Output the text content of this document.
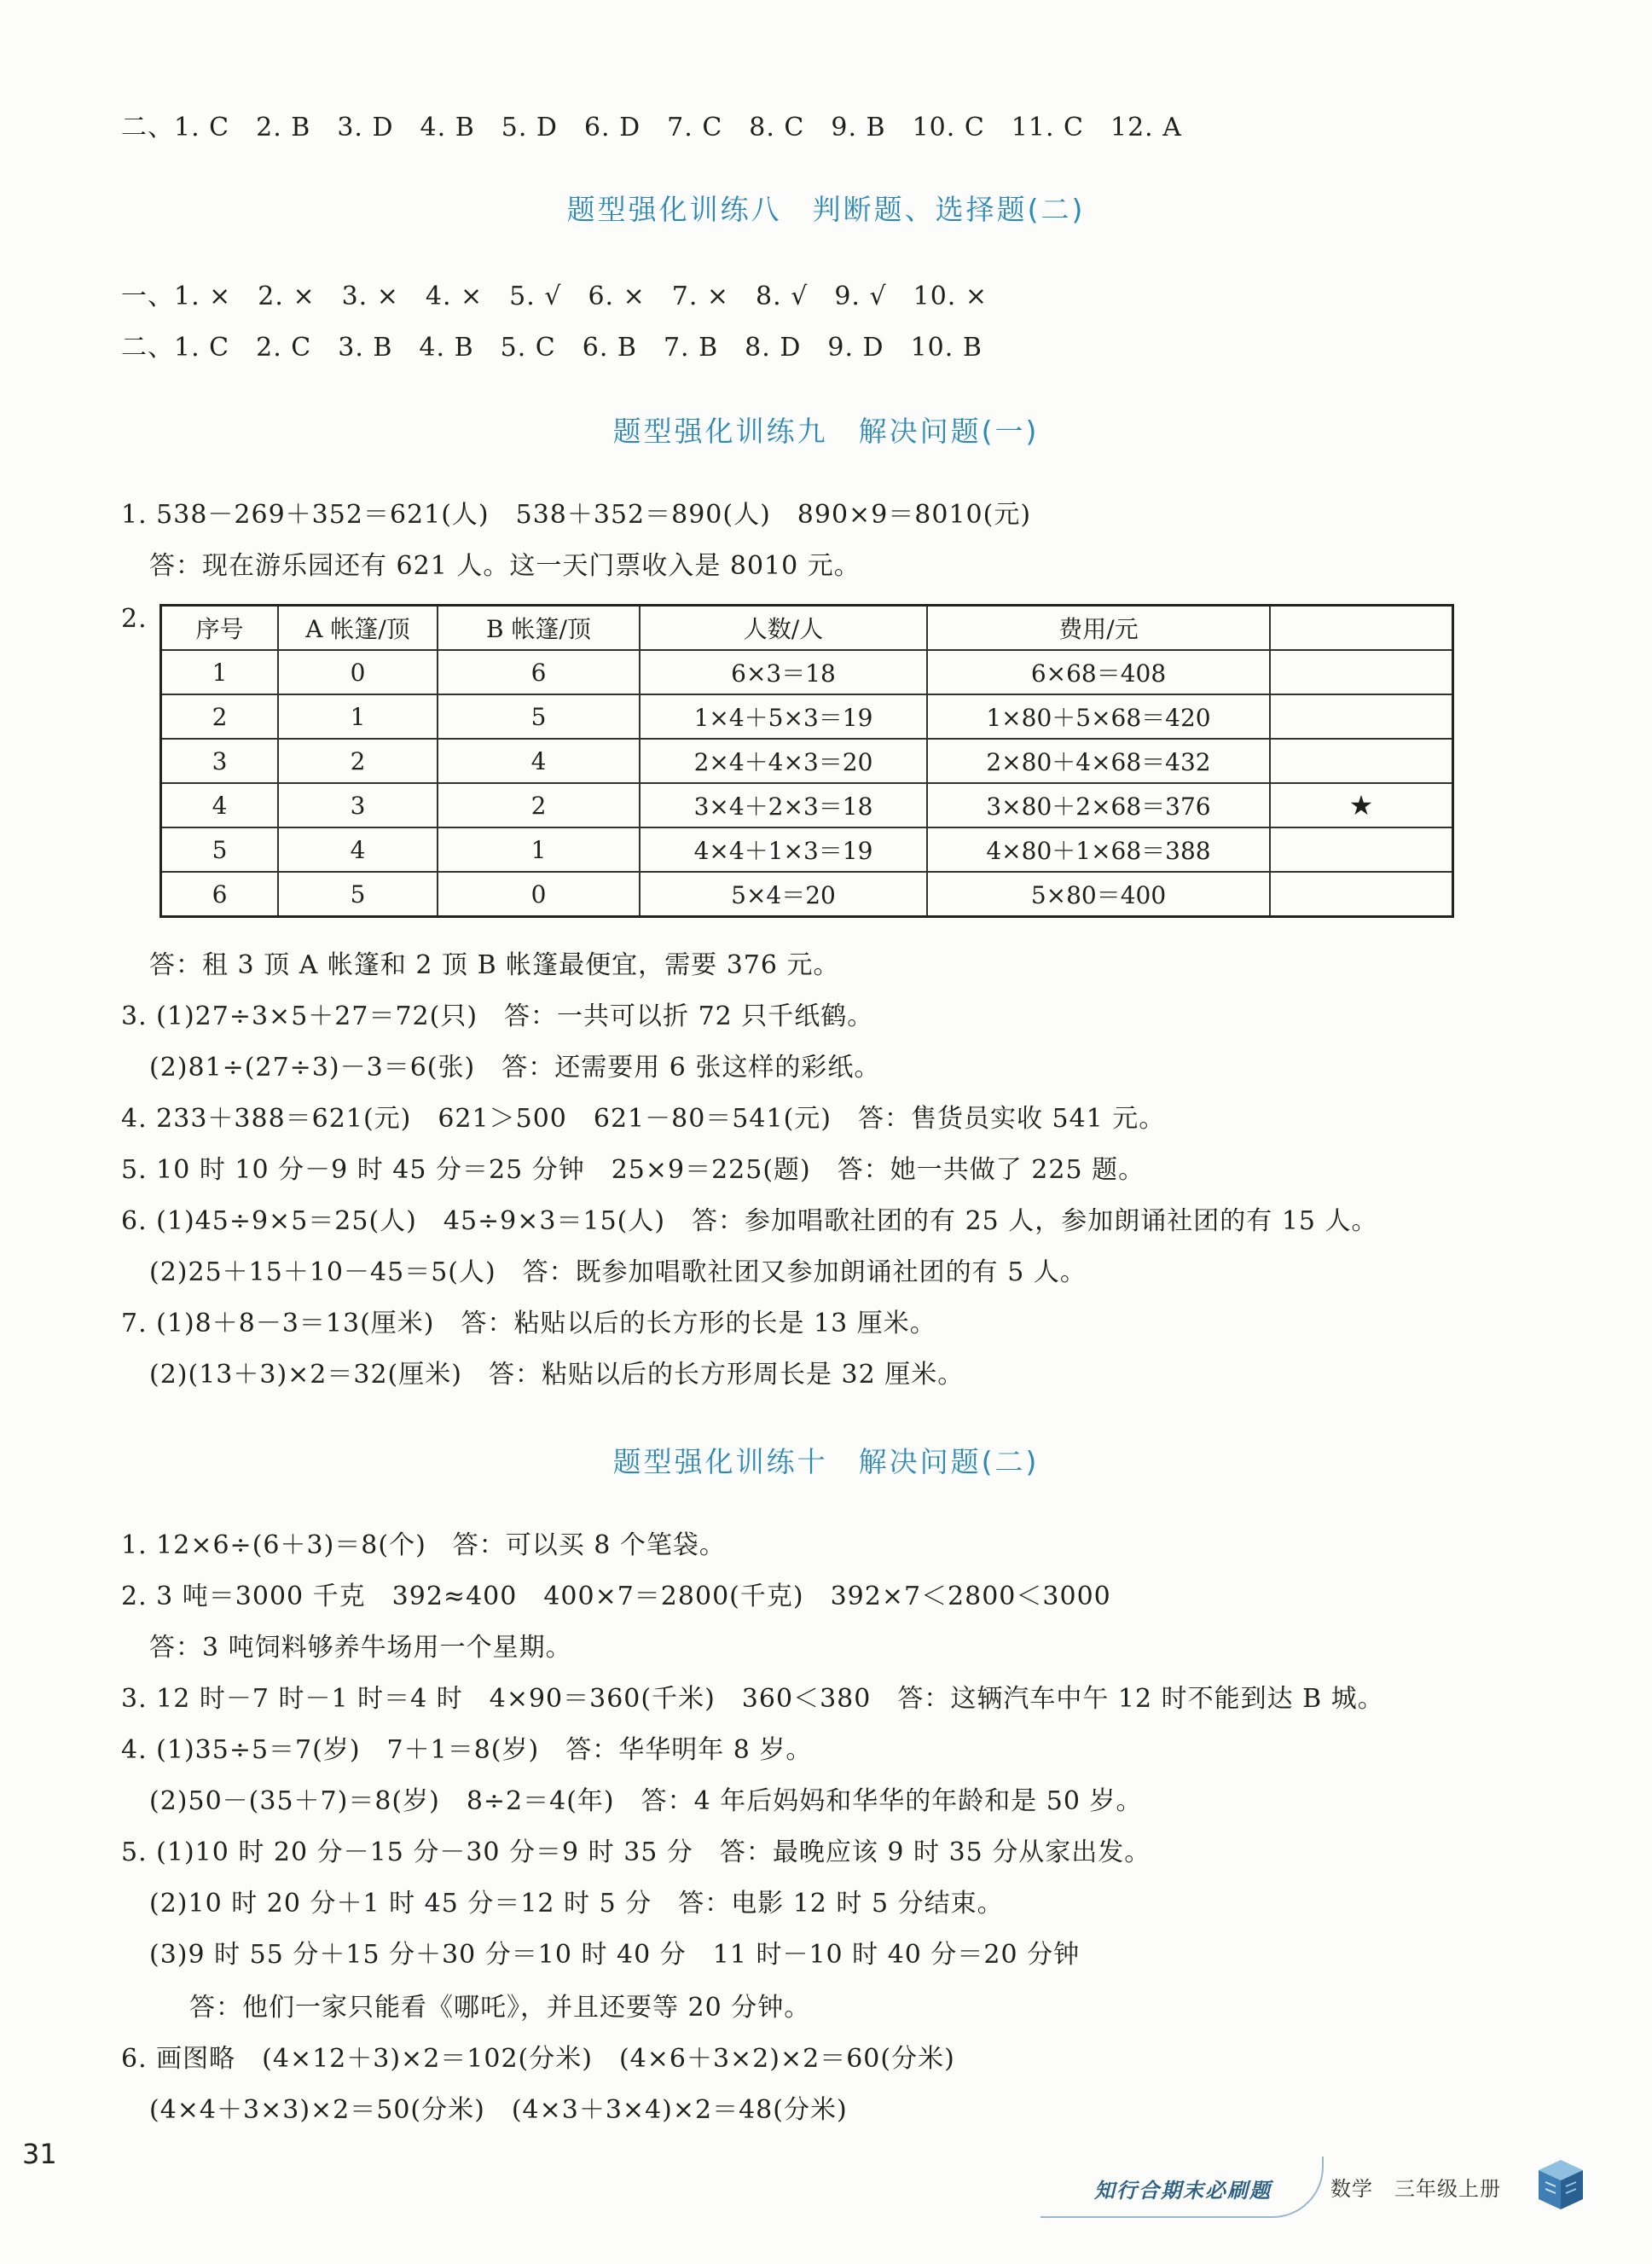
二、1. C　2. B　3. D　4. B　5. D　6. D　7. C　8. C　9. B　10. C　11. C　12. A
题型强化训练八　判断题、选择题(二)
一、1. ×　2. ×　3. ×　4. ×　5. √　6. ×　7. ×　8. √　9. √　10. ×
二、1. C　2. C　3. B　4. B　5. C　6. B　7. B　8. D　9. D　10. B
题型强化训练九　解决问题(一)
1. 538－269＋352＝621(人)　538＋352＝890(人)　890×9＝8010(元)
答：现在游乐园还有 621 人。这一天门票收入是 8010 元。
2. 序号	A 帐篷/顶	B 帐篷/顶	人数/人	费用/元	
1	0	6	6×3＝18	6×68＝408	
2	1	5	1×4＋5×3＝19	1×80＋5×68＝420	
3	2	4	2×4＋4×3＝20	2×80＋4×68＝432	
4	3	2	3×4＋2×3＝18	3×80＋2×68＝376	★
5	4	1	4×4＋1×3＝19	4×80＋1×68＝388	
6	5	0	5×4＝20	5×80＝400	
答：租 3 顶 A 帐篷和 2 顶 B 帐篷最便宜，需要 376 元。
3. (1)27÷3×5＋27＝72(只)　答：一共可以折 72 只千纸鹤。
(2)81÷(27÷3)－3＝6(张)　答：还需要用 6 张这样的彩纸。
4. 233＋388＝621(元)　621＞500　621－80＝541(元)　答：售货员实收 541 元。
5. 10 时 10 分－9 时 45 分＝25 分钟　25×9＝225(题)　答：她一共做了 225 题。
6. (1)45÷9×5＝25(人)　45÷9×3＝15(人)　答：参加唱歌社团的有 25 人，参加朗诵社团的有 15 人。
(2)25＋15＋10－45＝5(人)　答：既参加唱歌社团又参加朗诵社团的有 5 人。
7. (1)8＋8－3＝13(厘米)　答：粘贴以后的长方形的长是 13 厘米。
(2)(13＋3)×2＝32(厘米)　答：粘贴以后的长方形周长是 32 厘米。
题型强化训练十　解决问题(二)
1. 12×6÷(6＋3)＝8(个)　答：可以买 8 个笔袋。
2. 3 吨＝3000 千克　392≈400　400×7＝2800(千克)　392×7＜2800＜3000
答：3 吨饲料够养牛场用一个星期。
3. 12 时－7 时－1 时＝4 时　4×90＝360(千米)　360＜380　答：这辆汽车中午 12 时不能到达 B 城。
4. (1)35÷5＝7(岁)　7＋1＝8(岁)　答：华华明年 8 岁。
(2)50－(35＋7)＝8(岁)　8÷2＝4(年)　答：4 年后妈妈和华华的年龄和是 50 岁。
5. (1)10 时 20 分－15 分－30 分＝9 时 35 分　答：最晚应该 9 时 35 分从家出发。
(2)10 时 20 分＋1 时 45 分＝12 时 5 分　答：电影 12 时 5 分结束。
(3)9 时 55 分＋15 分＋30 分＝10 时 40 分　11 时－10 时 40 分＝20 分钟
答：他们一家只能看《哪吒》，并且还要等 20 分钟。
6. 画图略　(4×12＋3)×2＝102(分米)　(4×6＋3×2)×2＝60(分米)
(4×4＋3×3)×2＝50(分米)　(4×3＋3×4)×2＝48(分米)
31
知行合期末必刷题	数学　三年级上册
